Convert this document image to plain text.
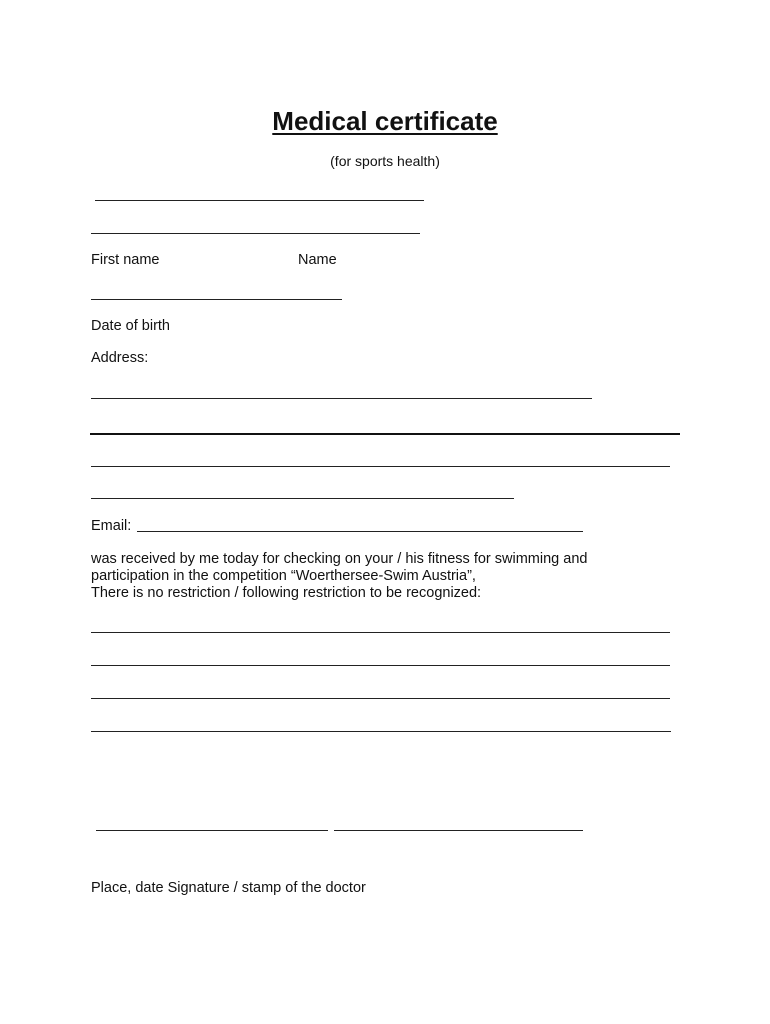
Medical certificate
(for sports health)
First name	Name
Date of birth
Address:
Email:
was received by me today for checking on your / his fitness for swimming and
participation in the competition “Woerthersee-Swim Austria”,
There is no restriction / following restriction to be recognized:
Place, date Signature / stamp of the doctor
